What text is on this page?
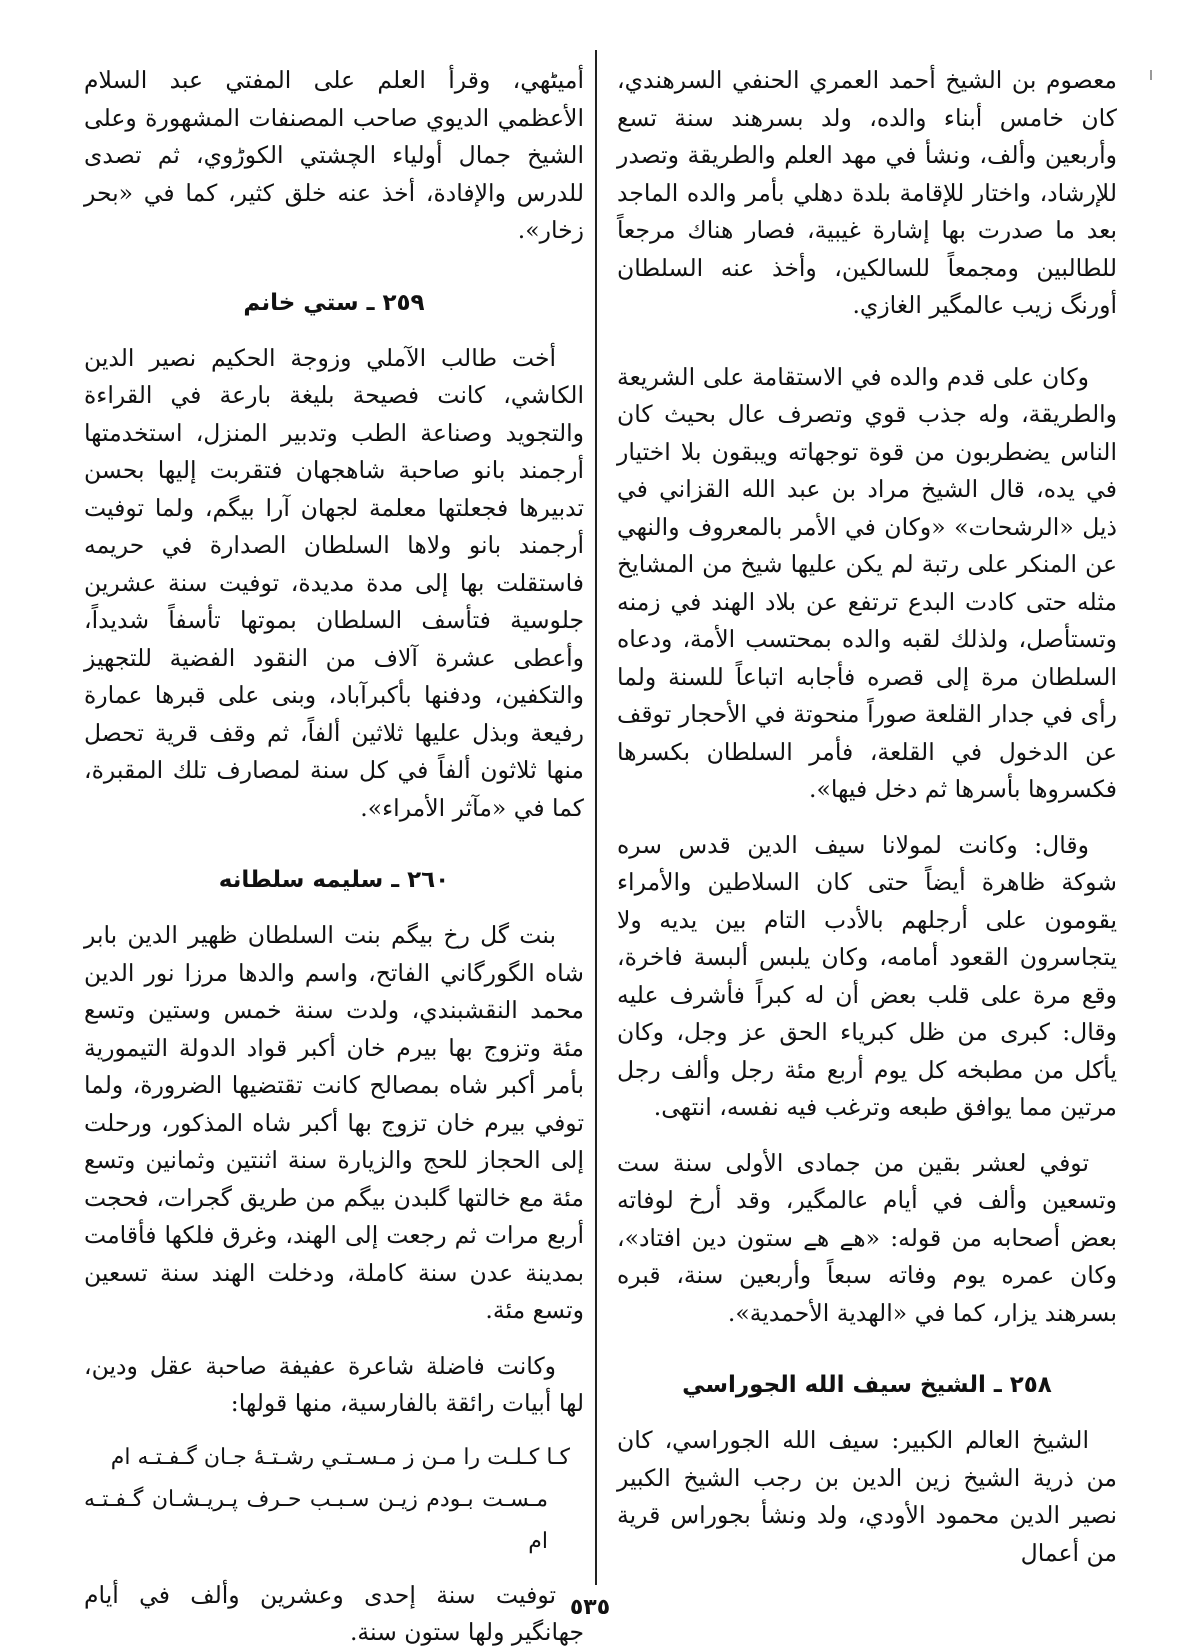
معصوم بن الشيخ أحمد العمري الحنفي السرهندي، كان خامس أبناء والده، ولد بسرهند سنة تسع وأربعين وألف، ونشأ في مهد العلم والطريقة وتصدر للإرشاد، واختار للإقامة بلدة دهلي بأمر والده الماجد بعد ما صدرت بها إشارة غيبية، فصار هناك مرجعاً للطالبين ومجمعاً للسالكين، وأخذ عنه السلطان أورنگ زيب عالمگير الغازي.

وكان على قدم والده في الاستقامة على الشريعة والطريقة، وله جذب قوي وتصرف عال بحيث كان الناس يضطربون من قوة توجهاته ويبقون بلا اختيار في يده، قال الشيخ مراد بن عبد الله القزاني في ذيل «الرشحات» «وكان في الأمر بالمعروف والنهي عن المنكر على رتبة لم يكن عليها شيخ من المشايخ مثله حتى كادت البدع ترتفع عن بلاد الهند في زمنه وتستأصل، ولذلك لقبه والده بمحتسب الأمة، ودعاه السلطان مرة إلى قصره فأجابه اتباعاً للسنة ولما رأى في جدار القلعة صوراً منحوتة في الأحجار توقف عن الدخول في القلعة، فأمر السلطان بكسرها فكسروها بأسرها ثم دخل فيها».

وقال: وكانت لمولانا سيف الدين قدس سره شوكة ظاهرة أيضاً حتى كان السلاطين والأمراء يقومون على أرجلهم بالأدب التام بين يديه ولا يتجاسرون القعود أمامه، وكان يلبس ألبسة فاخرة، وقع مرة على قلب بعض أن له كبراً فأشرف عليه وقال: كبرى من ظل كبرياء الحق عز وجل، وكان يأكل من مطبخه كل يوم أربع مئة رجل وألف رجل مرتين مما يوافق طبعه وترغب فيه نفسه، انتهى.

توفي لعشر بقين من جمادى الأولى سنة ست وتسعين وألف في أيام عالمگير، وقد أرخ لوفاته بعض أصحابه من قوله: «هے هے ستون دين افتاد»، وكان عمره يوم وفاته سبعاً وأربعين سنة، قبره بسرهند يزار، كما في «الهدية الأحمدية».

٢٥٨ ـ الشيخ سيف الله الجوراسي

الشيخ العالم الكبير: سيف الله الجوراسي، كان من ذرية الشيخ زين الدين بن رجب الشيخ الكبير نصير الدين محمود الأودي، ولد ونشأ بجوراس قرية من أعمال

أميٹهي، وقرأ العلم على المفتي عبد السلام الأعظمي الديوي صاحب المصنفات المشهورة وعلى الشيخ جمال أولياء الچشتي الكوڑوي، ثم تصدى للدرس والإفادة، أخذ عنه خلق كثير، كما في «بحر زخار».

٢٥٩ ـ ستي خانم

أخت طالب الآملي وزوجة الحكيم نصير الدين الكاشي، كانت فصيحة بليغة بارعة في القراءة والتجويد وصناعة الطب وتدبير المنزل، استخدمتها أرجمند بانو صاحبة شاهجهان فتقربت إليها بحسن تدبيرها فجعلتها معلمة لجهان آرا بيگم، ولما توفيت أرجمند بانو ولاها السلطان الصدارة في حريمه فاستقلت بها إلى مدة مديدة، توفيت سنة عشرين جلوسية فتأسف السلطان بموتها تأسفاً شديداً، وأعطى عشرة آلاف من النقود الفضية للتجهيز والتكفين، ودفنها بأكبرآباد، وبنى على قبرها عمارة رفيعة وبذل عليها ثلاثين ألفاً، ثم وقف قرية تحصل منها ثلاثون ألفاً في كل سنة لمصارف تلك المقبرة، كما في «مآثر الأمراء».

٢٦٠ ـ سليمه سلطانه

بنت گل رخ بيگم بنت السلطان ظهير الدين بابر شاه الگورگاني الفاتح، واسم والدها مرزا نور الدين محمد النقشبندي، ولدت سنة خمس وستين وتسع مئة وتزوج بها بيرم خان أكبر قواد الدولة التيمورية بأمر أكبر شاه بمصالح كانت تقتضيها الضرورة، ولما توفي بيرم خان تزوج بها أكبر شاه المذكور، ورحلت إلى الحجاز للحج والزيارة سنة اثنتين وثمانين وتسع مئة مع خالتها گلبدن بيگم من طريق گجرات، فحجت أربع مرات ثم رجعت إلى الهند، وغرق فلكها فأقامت بمدينة عدن سنة كاملة، ودخلت الهند سنة تسعين وتسع مئة.

وكانت فاضلة شاعرة عفيفة صاحبة عقل ودين، لها أبيات رائقة بالفارسية، منها قولها:

كـا كـلـت را مـن ز مـسـتـي رشـتـهٔ جـان گـفـتـه ام
مـسـت بـودم زيـن سـبـب حـرف پـريـشـان گـفـتـه ام

توفيت سنة إحدى وعشرين وألف في أيام جهانگير ولها ستون سنة.

٥٣٥
